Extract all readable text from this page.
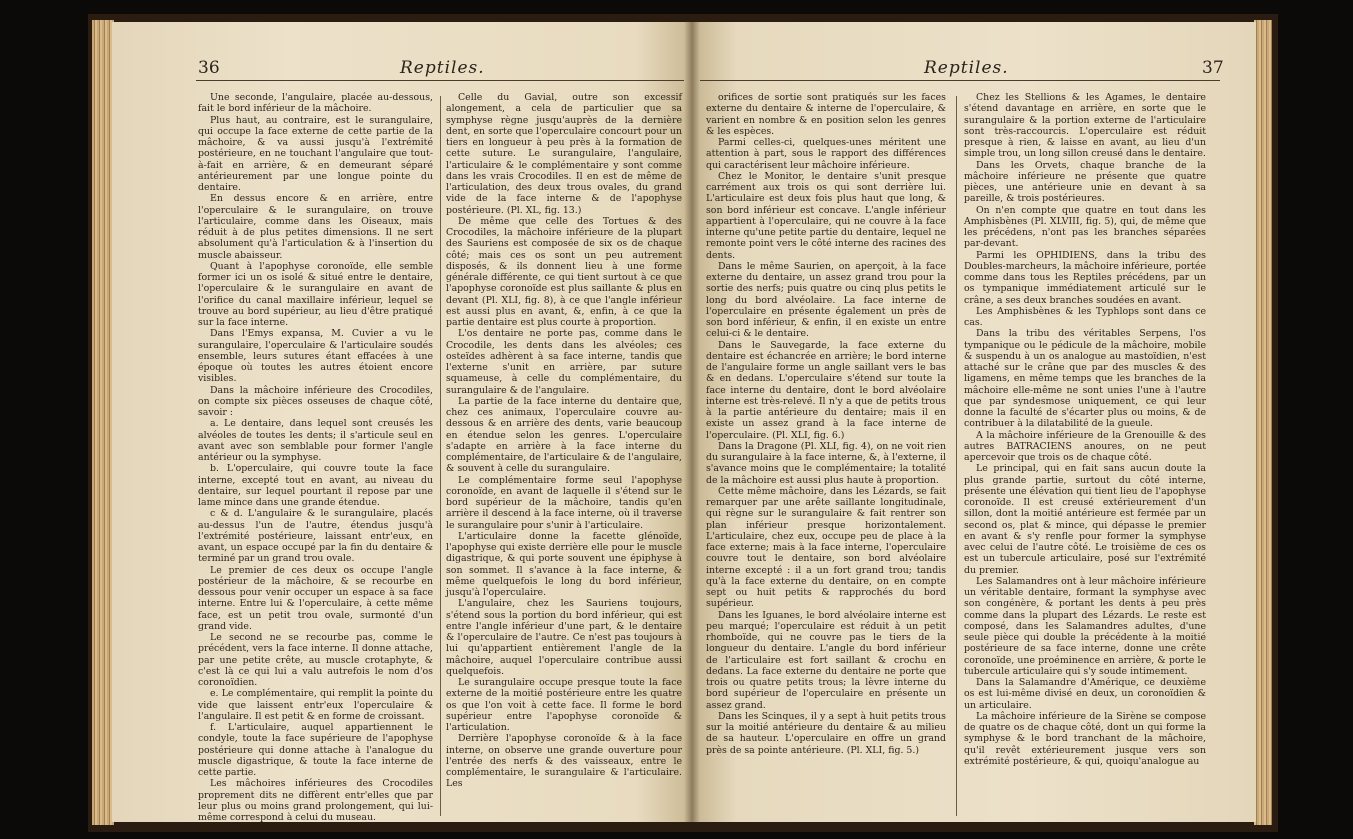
36	Reptiles.

Une seconde, l'angulaire, placée au-dessous, fait le bord inférieur de la mâchoire.

Plus haut, au contraire, est le surangulaire, qui occupe la face externe de cette partie de la mâchoire, & va aussi jusqu'à l'extrémité postérieure, en ne touchant l'angulaire que tout-à-fait en arrière, & en demeurant séparé antérieurement par une longue pointe du dentaire.

En dessus encore & en arrière, entre l'operculaire & le surangulaire, on trouve l'articulaire, comme dans les Oiseaux, mais réduit à de plus petites dimensions. Il ne sert absolument qu'à l'articulation & à l'insertion du muscle abaisseur.

Quant à l'apophyse coronoïde, elle semble former ici un os isolé & situé entre le dentaire, l'operculaire & le surangulaire en avant de l'orifice du canal maxillaire inférieur, lequel se trouve au bord supérieur, au lieu d'être pratiqué sur la face interne.

Dans l'Emys expansa, M. Cuvier a vu le surangulaire, l'operculaire & l'articulaire soudés ensemble, leurs sutures étant effacées à une époque où toutes les autres étoient encore visibles.

Dans la mâchoire inférieure des Crocodiles, on compte six pièces osseuses de chaque côté, savoir :

a. Le dentaire, dans lequel sont creusés les alvéoles de toutes les dents; il s'articule seul en avant avec son semblable pour former l'angle antérieur ou la symphyse.

b. L'operculaire, qui couvre toute la face interne, excepté tout en avant, au niveau du dentaire, sur lequel pourtant il repose par une lame mince dans une grande étendue.

c & d. L'angulaire & le surangulaire, placés au-dessus l'un de l'autre, étendus jusqu'à l'extrémité postérieure, laissant entr'eux, en avant, un espace occupé par la fin du dentaire & terminé par un grand trou ovale.

Le premier de ces deux os occupe l'angle postérieur de la mâchoire, & se recourbe en dessous pour venir occuper un espace à sa face interne. Entre lui & l'operculaire, à cette même face, est un petit trou ovale, surmonté d'un grand vide.

Le second ne se recourbe pas, comme le précédent, vers la face interne. Il donne attache, par une petite crête, au muscle crotaphyte, & c'est là ce qui lui a valu autrefois le nom d'os coronoïdien.

e. Le complémentaire, qui remplit la pointe du vide que laissent entr'eux l'operculaire & l'angulaire. Il est petit & en forme de croissant.

f. L'articulaire, auquel appartiennent le condyle, toute la face supérieure de l'apophyse postérieure qui donne attache à l'analogue du muscle digastrique, & toute la face interne de cette partie.

Les mâchoires inférieures des Crocodiles proprement dits ne diffèrent entr'elles que par leur plus ou moins grand prolongement, qui lui-même correspond à celui du museau.

Celle du Gavial, outre son excessif alongement, a cela de particulier que sa symphyse règne jusqu'auprès de la dernière dent, en sorte que l'operculaire concourt pour un tiers en longueur à peu près à la formation de cette suture. Le surangulaire, l'angulaire, l'articulaire & le complémentaire y sont comme dans les vrais Crocodiles. Il en est de même de l'articulation, des deux trous ovales, du grand vide de la face interne & de l'apophyse postérieure. (Pl. XL, fig. 13.)

De même que celle des Tortues & des Crocodiles, la mâchoire inférieure de la plupart des Sauriens est composée de six os de chaque côté; mais ces os sont un peu autrement disposés, & ils donnent lieu à une forme générale différente, ce qui tient surtout à ce que l'apophyse coronoïde est plus saillante & plus en devant (Pl. XLI, fig. 8), à ce que l'angle inférieur est aussi plus en avant, &, enfin, à ce que la partie dentaire est plus courte à proportion.

L'os dentaire ne porte pas, comme dans le Crocodile, les dents dans les alvéoles; ces osteïdes adhèrent à sa face interne, tandis que l'externe s'unit en arrière, par suture squameuse, à celle du complémentaire, du surangulaire & de l'angulaire.

La partie de la face interne du dentaire que, chez ces animaux, l'operculaire couvre au-dessous & en arrière des dents, varie beaucoup en étendue selon les genres. L'operculaire s'adapte en arrière à la face interne du complémentaire, de l'articulaire & de l'angulaire, & souvent à celle du surangulaire.

Le complémentaire forme seul l'apophyse coronoïde, en avant de laquelle il s'étend sur le bord supérieur de la mâchoire, tandis qu'en arrière il descend à la face interne, où il traverse le surangulaire pour s'unir à l'articulaire.

L'articulaire donne la facette glénoïde, l'apophyse qui existe derrière elle pour le muscle digastrique, & qui porte souvent une épiphyse à son sommet. Il s'avance à la face interne, & même quelquefois le long du bord inférieur, jusqu'à l'operculaire.

L'angulaire, chez les Sauriens toujours, s'étend sous la portion du bord inférieur, qui est entre l'angle inférieur d'une part, & le dentaire & l'operculaire de l'autre. Ce n'est pas toujours à lui qu'appartient entièrement l'angle de la mâchoire, auquel l'operculaire contribue aussi quelquefois.

Le surangulaire occupe presque toute la face externe de la moitié postérieure entre les quatre os que l'on voit à cette face. Il forme le bord supérieur entre l'apophyse coronoïde & l'articulation.

Derrière l'apophyse coronoïde & à la face interne, on observe une grande ouverture pour l'entrée des nerfs & des vaisseaux, entre le complémentaire, le surangulaire & l'articulaire. Les

Reptiles.	37

orifices de sortie sont pratiqués sur les faces externe du dentaire & interne de l'operculaire, & varient en nombre & en position selon les genres & les espèces.

Parmi celles-ci, quelques-unes méritent une attention à part, sous le rapport des différences qui caractérisent leur mâchoire inférieure.

Chez le Monitor, le dentaire s'unit presque carrément aux trois os qui sont derrière lui. L'articulaire est deux fois plus haut que long, & son bord inférieur est concave. L'angle inférieur appartient à l'operculaire, qui ne couvre à la face interne qu'une petite partie du dentaire, lequel ne remonte point vers le côté interne des racines des dents.

Dans le même Saurien, on aperçoit, à la face externe du dentaire, un assez grand trou pour la sortie des nerfs; puis quatre ou cinq plus petits le long du bord alvéolaire. La face interne de l'operculaire en présente également un près de son bord inférieur, & enfin, il en existe un entre celui-ci & le dentaire.

Dans le Sauvegarde, la face externe du dentaire est échancrée en arrière; le bord interne de l'angulaire forme un angle saillant vers le bas & en dedans. L'operculaire s'étend sur toute la face interne du dentaire, dont le bord alvéolaire interne est très-relevé. Il n'y a que de petits trous à la partie antérieure du dentaire; mais il en existe un assez grand à la face interne de l'operculaire. (Pl. XLI, fig. 6.)

Dans la Dragone (Pl. XLI, fig. 4), on ne voit rien du surangulaire à la face interne, &, à l'externe, il s'avance moins que le complémentaire; la totalité de la mâchoire est aussi plus haute à proportion.

Cette même mâchoire, dans les Lézards, se fait remarquer par une arête saillante longitudinale, qui règne sur le surangulaire & fait rentrer son plan inférieur presque horizontalement. L'articulaire, chez eux, occupe peu de place à la face externe; mais à la face interne, l'operculaire couvre tout le dentaire, son bord alvéolaire interne excepté : il a un fort grand trou; tandis qu'à la face externe du dentaire, on en compte sept ou huit petits & rapprochés du bord supérieur.

Dans les Iguanes, le bord alvéolaire interne est peu marqué; l'operculaire est réduit à un petit rhomboïde, qui ne couvre pas le tiers de la longueur du dentaire. L'angle du bord inférieur de l'articulaire est fort saillant & crochu en dedans. La face externe du dentaire ne porte que trois ou quatre petits trous; la lèvre interne du bord supérieur de l'operculaire en présente un assez grand.

Dans les Scinques, il y a sept à huit petits trous sur la moitié antérieure du dentaire & au milieu de sa hauteur. L'operculaire en offre un grand près de sa pointe antérieure. (Pl. XLI, fig. 5.)

Chez les Stellions & les Agames, le dentaire s'étend davantage en arrière, en sorte que le surangulaire & la portion externe de l'articulaire sont très-raccourcis. L'operculaire est réduit presque à rien, & laisse en avant, au lieu d'un simple trou, un long sillon creusé dans le dentaire.

Dans les Orvets, chaque branche de la mâchoire inférieure ne présente que quatre pièces, une antérieure unie en devant à sa pareille, & trois postérieures.

On n'en compte que quatre en tout dans les Amphisbènes (Pl. XLVIII, fig. 5), qui, de même que les précédens, n'ont pas les branches séparées par-devant.

Parmi les OPHIDIENS, dans la tribu des Doubles-marcheurs, la mâchoire inférieure, portée comme dans tous les Reptiles précédens, par un os tympanique immédiatement articulé sur le crâne, a ses deux branches soudées en avant.

Les Amphisbènes & les Typhlops sont dans ce cas.

Dans la tribu des véritables Serpens, l'os tympanique ou le pédicule de la mâchoire, mobile & suspendu à un os analogue au mastoïdien, n'est attaché sur le crâne que par des muscles & des ligamens, en même temps que les branches de la mâchoire elle-même ne sont unies l'une à l'autre que par syndesmose uniquement, ce qui leur donne la faculté de s'écarter plus ou moins, & de contribuer à la dilatabilité de la gueule.

A la mâchoire inférieure de la Grenouille & des autres BATRACIENS anoures, on ne peut apercevoir que trois os de chaque côté.

Le principal, qui en fait sans aucun doute la plus grande partie, surtout du côté interne, présente une élévation qui tient lieu de l'apophyse coronoïde. Il est creusé extérieurement d'un sillon, dont la moitié antérieure est fermée par un second os, plat & mince, qui dépasse le premier en avant & s'y renfle pour former la symphyse avec celui de l'autre côté. Le troisième de ces os est un tubercule articulaire, posé sur l'extrémité du premier.

Les Salamandres ont à leur mâchoire inférieure un véritable dentaire, formant la symphyse avec son congénère, & portant les dents à peu près comme dans la plupart des Lézards. Le reste est composé, dans les Salamandres adultes, d'une seule pièce qui double la précédente à la moitié postérieure de sa face interne, donne une crête coronoïde, une proéminence en arrière, & porte le tubercule articulaire qui s'y soude intimement.

Dans la Salamandre d'Amérique, ce deuxième os est lui-même divisé en deux, un coronoïdien & un articulaire.

La mâchoire inférieure de la Sirène se compose de quatre os de chaque côté, dont un qui forme la symphyse & le bord tranchant de la mâchoire, qu'il revêt extérieurement jusque vers son extrémité postérieure, & qui, quoiqu'analogue au
